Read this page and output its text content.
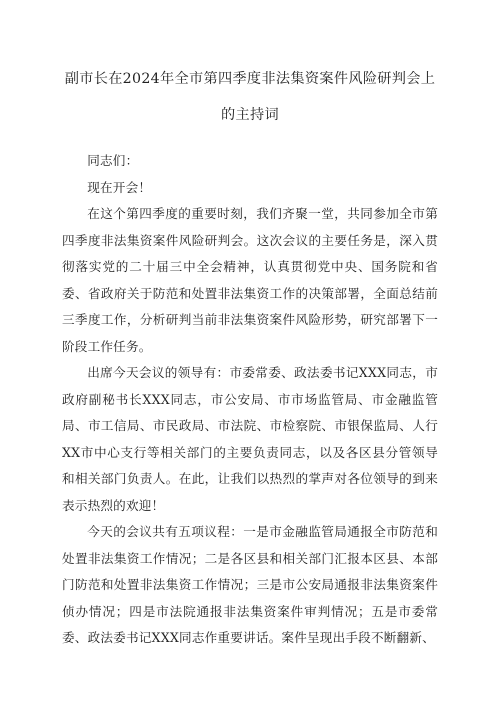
副市长在2024年全市第四季度非法集资案件风险研判会上
的主持词

同志们：

现在开会！

在这个第四季度的重要时刻，我们齐聚一堂，共同参加全市第四季度非法集资案件风险研判会。这次会议的主要任务是，深入贯彻落实党的二十届三中全会精神，认真贯彻党中央、国务院和省委、省政府关于防范和处置非法集资工作的决策部署，全面总结前三季度工作，分析研判当前非法集资案件风险形势，研究部署下一阶段工作任务。

出席今天会议的领导有：市委常委、政法委书记XXX同志，市政府副秘书长XXX同志，市公安局、市市场监管局、市金融监管局、市工信局、市民政局、市法院、市检察院、市银保监局、人行XX市中心支行等相关部门的主要负责同志，以及各区县分管领导和相关部门负责人。在此，让我们以热烈的掌声对各位领导的到来表示热烈的欢迎！

今天的会议共有五项议程：一是市金融监管局通报全市防范和处置非法集资工作情况；二是各区县和相关部门汇报本区县、本部门防范和处置非法集资工作情况；三是市公安局通报非法集资案件侦办情况；四是市法院通报非法集资案件审判情况；五是市委常委、政法委书记XXX同志作重要讲话。案件呈现出手段不断翻新、
